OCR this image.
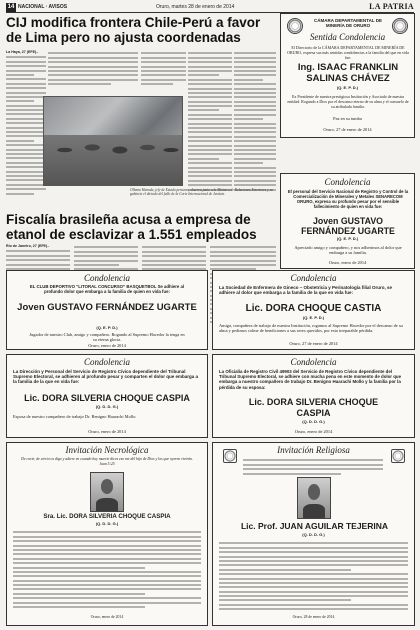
14 NACIONAL · AVISOS	Oruro, martes 28 de enero de 2014	LA PATRIA
CIJ modifica frontera Chile-Perú a favor de Lima pero no ajusta coordenadas
La Haya, 27 (EFE).-
Ollanta Humala, jefe de Estado peruano, observa junto a la Ministra de Relaciones Exteriores y su gabinete el dictado del fallo de la Corte Internacional de Justicia.
Fiscalía brasileña acusa a empresa de etanol de esclavizar a 1.551 empleados
Río de Janeiro, 27 (EFE).-
CÁMARA DEPARTAMENTAL DE MINERÍA DE ORURO
Sentida Condolencia
El Directorio de la CÁMARA DEPARTAMENTAL DE MINERÍA DE ORURO, expresa sus más sentidas condolencias a la familia del que en vida fue:
Ing. ISAAC FRANKLIN SALINAS CHÁVEZ
(Q. E. P. D.)
Ex Presidente de nuestra prestigiosa Institución y Asociado de nuestra entidad. Rogando a Dios por el descanso eterno de su alma y el consuelo de su atribulada familia.
Paz en su tumba
Oruro, 27 de enero de 2014
Condolencia
El personal del Servicio Nacional de Registro y Control de la Comercialización de Minerales y Metales SENARECOM ORURO, expresa su profundo pesar por el sensible fallecimiento de quien en vida fue:
Joven GUSTAVO FERNÁNDEZ UGARTE
(Q. E. P. D.)
Apreciado amigo y compañero, y nos adherimos al dolor que embarga a su familia.
Oruro, enero de 2014
Condolencia
EL CLUB DEPORTIVO “LITORAL CONCURSO” BASQUETBOL Se adhiere al profundo dolor que embarga a la familia de quien en vida fue:
Joven GUSTAVO FERNÁNDEZ UGARTE
(Q. E. P. D.)
Jugador de nuestro Club, amigo y compañero. Rogando al Supremo Hacedor la tenga en su eterna gloria.
Oruro, enero de 2014
Condolencia
La Sociedad de Enfermera de Gineco – Obstetricia y Perinatología filial Oruro, se adhiere al dolor que embarga a la familia de la que en vida fue:
Lic. DORA CHOQUE CASTIA
(Q. E. P. D.)
Amiga, compañera de trabajo de nuestra Institución, rogamos al Supremo Hacedor por el descanso de su alma y pedimos colme de bendiciones a sus seres queridos, por esta irreparable pérdida.
Oruro, 27 de enero de 2014
Condolencia
La Dirección y Personal del Servicio de Registro Cívico dependiente del Tribunal Supremo Electoral, se adhieren al profundo pesar y comparten el dolor que embarga a la familia de la que en vida fue:
Lic. DORA SILVERIA CHOQUE CASPIA
(Q. D. D. G.)
Esposa de nuestro compañero de trabajo Dr. Benigno Huarachi Mollo.
Oruro, enero de 2014
Condolencia
La Oficialía de Registro Civil 49903 del Servicio de Registro Cívico dependiente del Tribunal Supremo Electoral, se adhiere con mucha pena en este momento de dolor que embarga a nuestro compañero de trabajo Dr. Benigno Huarachi Mollo y la familia por la pérdida de su esposa:
Lic. DORA SILVERIA CHOQUE CASPIA
(Q. D. D. G.)
Oruro, enero de 2014
Invitación Necrológica
De corte, de cierto os digo y adiere en cuando hoy muerte dices eso me del hijo de Dios y los que oyeren vivirán. Juan 5:25
Sra. Lic. DORA SILVERIA CHOQUE CASPIA
(Q. D. D. G.)
Oruro, enero de 2014
Invitación Religiosa
Lic. Prof. JUAN AGUILAR TEJERINA
(Q. D. D. G.)
Oruro, 28 de enero de 2014
